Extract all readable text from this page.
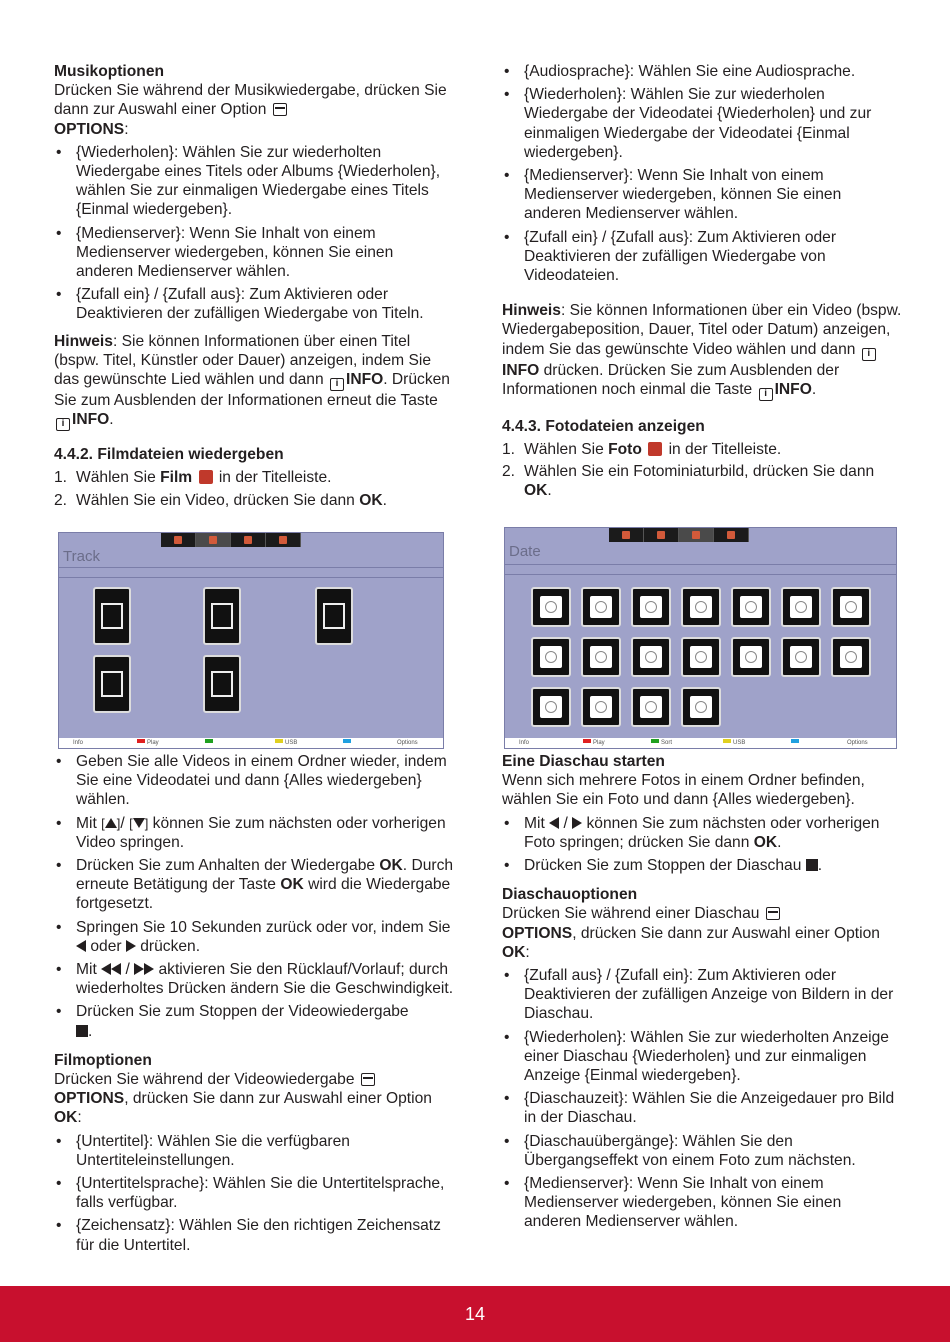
Musikoptionen

Drücken Sie während der Musikwiedergabe, drücken Sie dann zur Auswahl einer Option
OPTIONS:

• {Wiederholen}: Wählen Sie zur wiederholten Wiedergabe eines Titels oder Albums {Wiederholen}, wählen Sie zur einmaligen Wiedergabe eines Titels {Einmal wiedergeben}.
• {Medienserver}: Wenn Sie Inhalt von einem Medienserver wiedergeben, können Sie einen anderen Medienserver wählen.
• {Zufall ein} / {Zufall aus}: Zum Aktivieren oder Deaktivieren der zufälligen Wiedergabe von Titeln.

Hinweis: Sie können Informationen über einen Titel (bspw. Titel, Künstler oder Dauer) anzeigen, indem Sie das gewünschte Lied wählen und dann i INFO. Drücken Sie zum Ausblenden der Informationen erneut die Taste iINFO.

4.4.2. Filmdateien wiedergeben

1. Wählen Sie Film in der Titelleiste.
2. Wählen Sie ein Video, drücken Sie dann OK.
Track
Info	Play	USB	Options
• Geben Sie alle Videos in einem Ordner wieder, indem Sie eine Videodatei und dann {Alles wiedergeben} wählen.
• Mit [ ]/ [ ] können Sie zum nächsten oder vorherigen Video springen.
• Drücken Sie zum Anhalten der Wiedergabe OK. Durch erneute Betätigung der Taste OK wird die Wiedergabe fortgesetzt.
• Springen Sie 10 Sekunden zurück oder vor, indem Sie  oder drücken.
• Mit  /  aktivieren Sie den Rücklauf/Vorlauf; durch wiederholtes Drücken ändern Sie die Geschwindigkeit.
• Drücken Sie zum Stoppen der Videowiedergabe
.

Filmoptionen

Drücken Sie während der Videowiedergabe
OPTIONS, drücken Sie dann zur Auswahl einer Option OK:

• {Untertitel}: Wählen Sie die verfügbaren Untertiteleinstellungen.
• {Untertitelsprache}: Wählen Sie die Untertitelsprache, falls verfügbar.
• {Zeichensatz}: Wählen Sie den richtigen Zeichensatz für die Untertitel.
• {Audiosprache}: Wählen Sie eine Audiosprache.
• {Wiederholen}: Wählen Sie zur wiederholen Wiedergabe der Videodatei {Wiederholen} und zur einmaligen Wiedergabe der Videodatei {Einmal wiedergeben}.
• {Medienserver}: Wenn Sie Inhalt von einem Medienserver wiedergeben, können Sie einen anderen Medienserver wählen.
• {Zufall ein} / {Zufall aus}: Zum Aktivieren oder Deaktivieren der zufälligen Wiedergabe von Videodateien.

Hinweis: Sie können Informationen über ein Video (bspw. Wiedergabeposition, Dauer, Titel oder Datum) anzeigen, indem Sie das gewünschte Video wählen und dann iINFO drücken. Drücken Sie zum Ausblenden der Informationen noch einmal die Taste i INFO.

4.4.3. Fotodateien anzeigen

1. Wählen Sie Foto in der Titelleiste.
2. Wählen Sie ein Fotominiaturbild, drücken Sie dann OK.
Date
Info	Play	Sort	USB	Options

Eine Diaschau starten

Wenn sich mehrere Fotos in einem Ordner befinden, wählen Sie ein Foto und dann {Alles wiedergeben}.

• Mit  /  können Sie zum nächsten oder vorherigen Foto springen; drücken Sie dann OK.
• Drücken Sie zum Stoppen der Diaschau .

Diaschauoptionen

Drücken Sie während einer Diaschau
OPTIONS, drücken Sie dann zur Auswahl einer Option OK:

• {Zufall aus} / {Zufall ein}: Zum Aktivieren oder Deaktivieren der zufälligen Anzeige von Bildern in der Diaschau.
• {Wiederholen}: Wählen Sie zur wiederholten Anzeige einer Diaschau {Wiederholen} und zur einmaligen Anzeige {Einmal wiedergeben}.
• {Diaschauzeit}: Wählen Sie die Anzeigedauer pro Bild in der Diaschau.
• {Diaschauübergänge}: Wählen Sie den Übergangseffekt von einem Foto zum nächsten.
• {Medienserver}: Wenn Sie Inhalt von einem Medienserver wiedergeben, können Sie einen anderen Medienserver wählen.
14
